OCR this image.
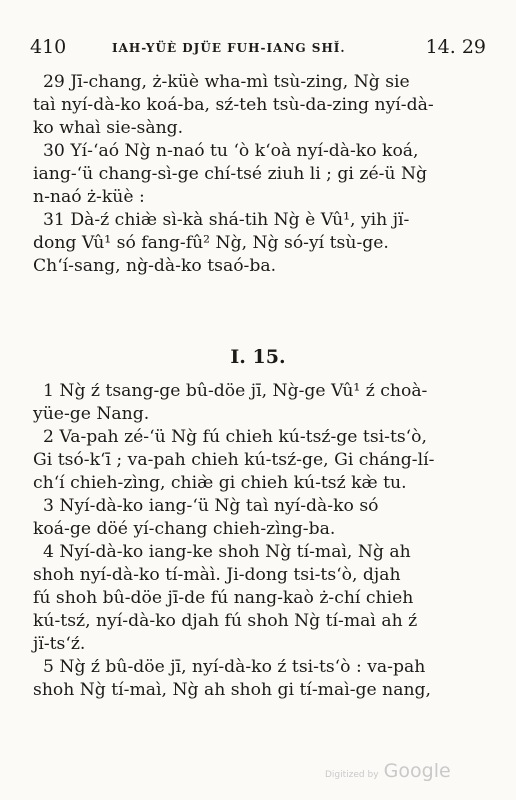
410	IAH-YÜÈ DJÜE FUH-IANG SHĬ.	14. 29
29 Jī-chang, ż-küè wha-mì tsù-zing, Ng̀ sie
taì nyí-dà-ko koá-ba, sź-teh tsù-da-zing nyí-dà-
ko whaì sie-sàng.
30 Yí-ʻaó Ng̀ n-naó tu ʻò kʻoà nyí-dà-ko koá,
iang-ʻü chang-sì-ge chí-tsé ziuh li ; gi zé-ü Ng̀
n-naó ż-küè :
31 Dà-ź chiæ̀ sì-kà shá-tih Ng̀ è Vû¹, yih jï-
dong Vû¹ só fang-fû² Ng̀, Ng̀ só-yí tsù-ge.
Chʻí-sang, ng̀-dà-ko tsaó-ba.
I. 15.
1 Ng̀ ź tsang-ge bû-döe jī, Ng̀-ge Vû¹ ź choà-
yüe-ge Nang.
2 Va-pah zé-ʻü Ng̀ fú chieh kú-tsź-ge tsi-tsʻò,
Gi tsó-kʻī ; va-pah chieh kú-tsź-ge, Gi cháng-lí-
chʻí chieh-zìng, chiæ̀ gi chieh kú-tsź kæ̀ tu.
3 Nyí-dà-ko iang-ʻü Ng̀ taì nyí-dà-ko só
koá-ge döé yí-chang chieh-zìng-ba.
4 Nyí-dà-ko iang-ke shoh Ng̀ tí-maì, Ng̀ ah
shoh nyí-dà-ko tí-màì. Ji-dong tsi-tsʻò, djah
fú shoh bû-döe jī-de fú nang-kaò ż-chí chieh
kú-tsź, nyí-dà-ko djah fú shoh Ng̀ tí-maì ah ź
jï-tsʻź.
5 Ng̀ ź bû-döe jī, nyí-dà-ko ź tsi-tsʻò : va-pah
shoh Ng̀ tí-maì, Ng̀ ah shoh gi tí-maì-ge nang,
Digitized by Google
